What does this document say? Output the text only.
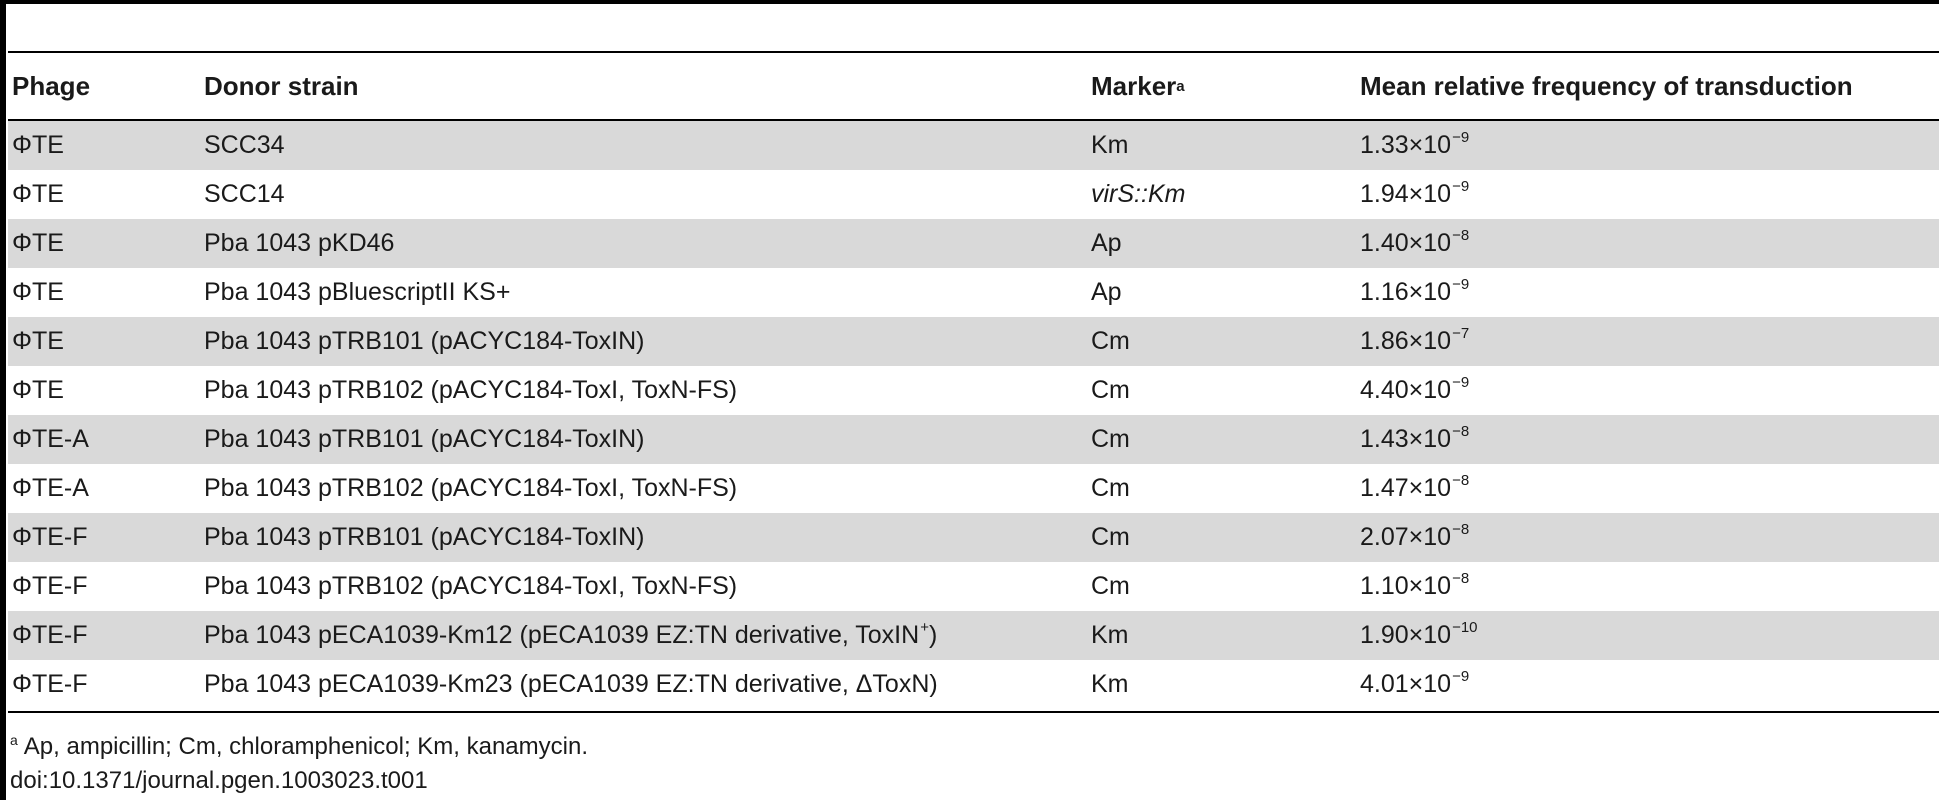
Phage	Donor strain	Marker$^a$	Mean relative frequency of transduction
ΦTE	SCC34	Km	$1.33\times 10^{-9}$
ΦTE	SCC14	virS::Km	$1.94\times 10^{-9}$
ΦTE	Pba 1043 pKD46	Ap	$1.40\times 10^{-8}$
ΦTE	Pba 1043 pBluescriptII KS+	Ap	$1.16\times 10^{-9}$
ΦTE	Pba 1043 pTRB101 (pACYC184-ToxIN)	Cm	$1.86\times 10^{-7}$
ΦTE	Pba 1043 pTRB102 (pACYC184-ToxI, ToxN-FS)	Cm	$4.40\times 10^{-9}$
ΦTE-A	Pba 1043 pTRB101 (pACYC184-ToxIN)	Cm	$1.43\times 10^{-8}$
ΦTE-A	Pba 1043 pTRB102 (pACYC184-ToxI, ToxN-FS)	Cm	$1.47\times 10^{-8}$
ΦTE-F	Pba 1043 pTRB101 (pACYC184-ToxIN)	Cm	$2.07\times 10^{-8}$
ΦTE-F	Pba 1043 pTRB102 (pACYC184-ToxI, ToxN-FS)	Cm	$1.10\times 10^{-8}$
ΦTE-F	Pba 1043 pECA1039-Km12 (pECA1039 EZ:TN derivative, ToxIN+)	Km	$1.90\times 10^{-10}$
ΦTE-F	Pba 1043 pECA1039-Km23 (pECA1039 EZ:TN derivative, ΔToxN)	Km	$4.01\times 10^{-9}$
$^a$ Ap, ampicillin; Cm, chloramphenicol; Km, kanamycin.
doi:10.1371/journal.pgen.1003023.t001
